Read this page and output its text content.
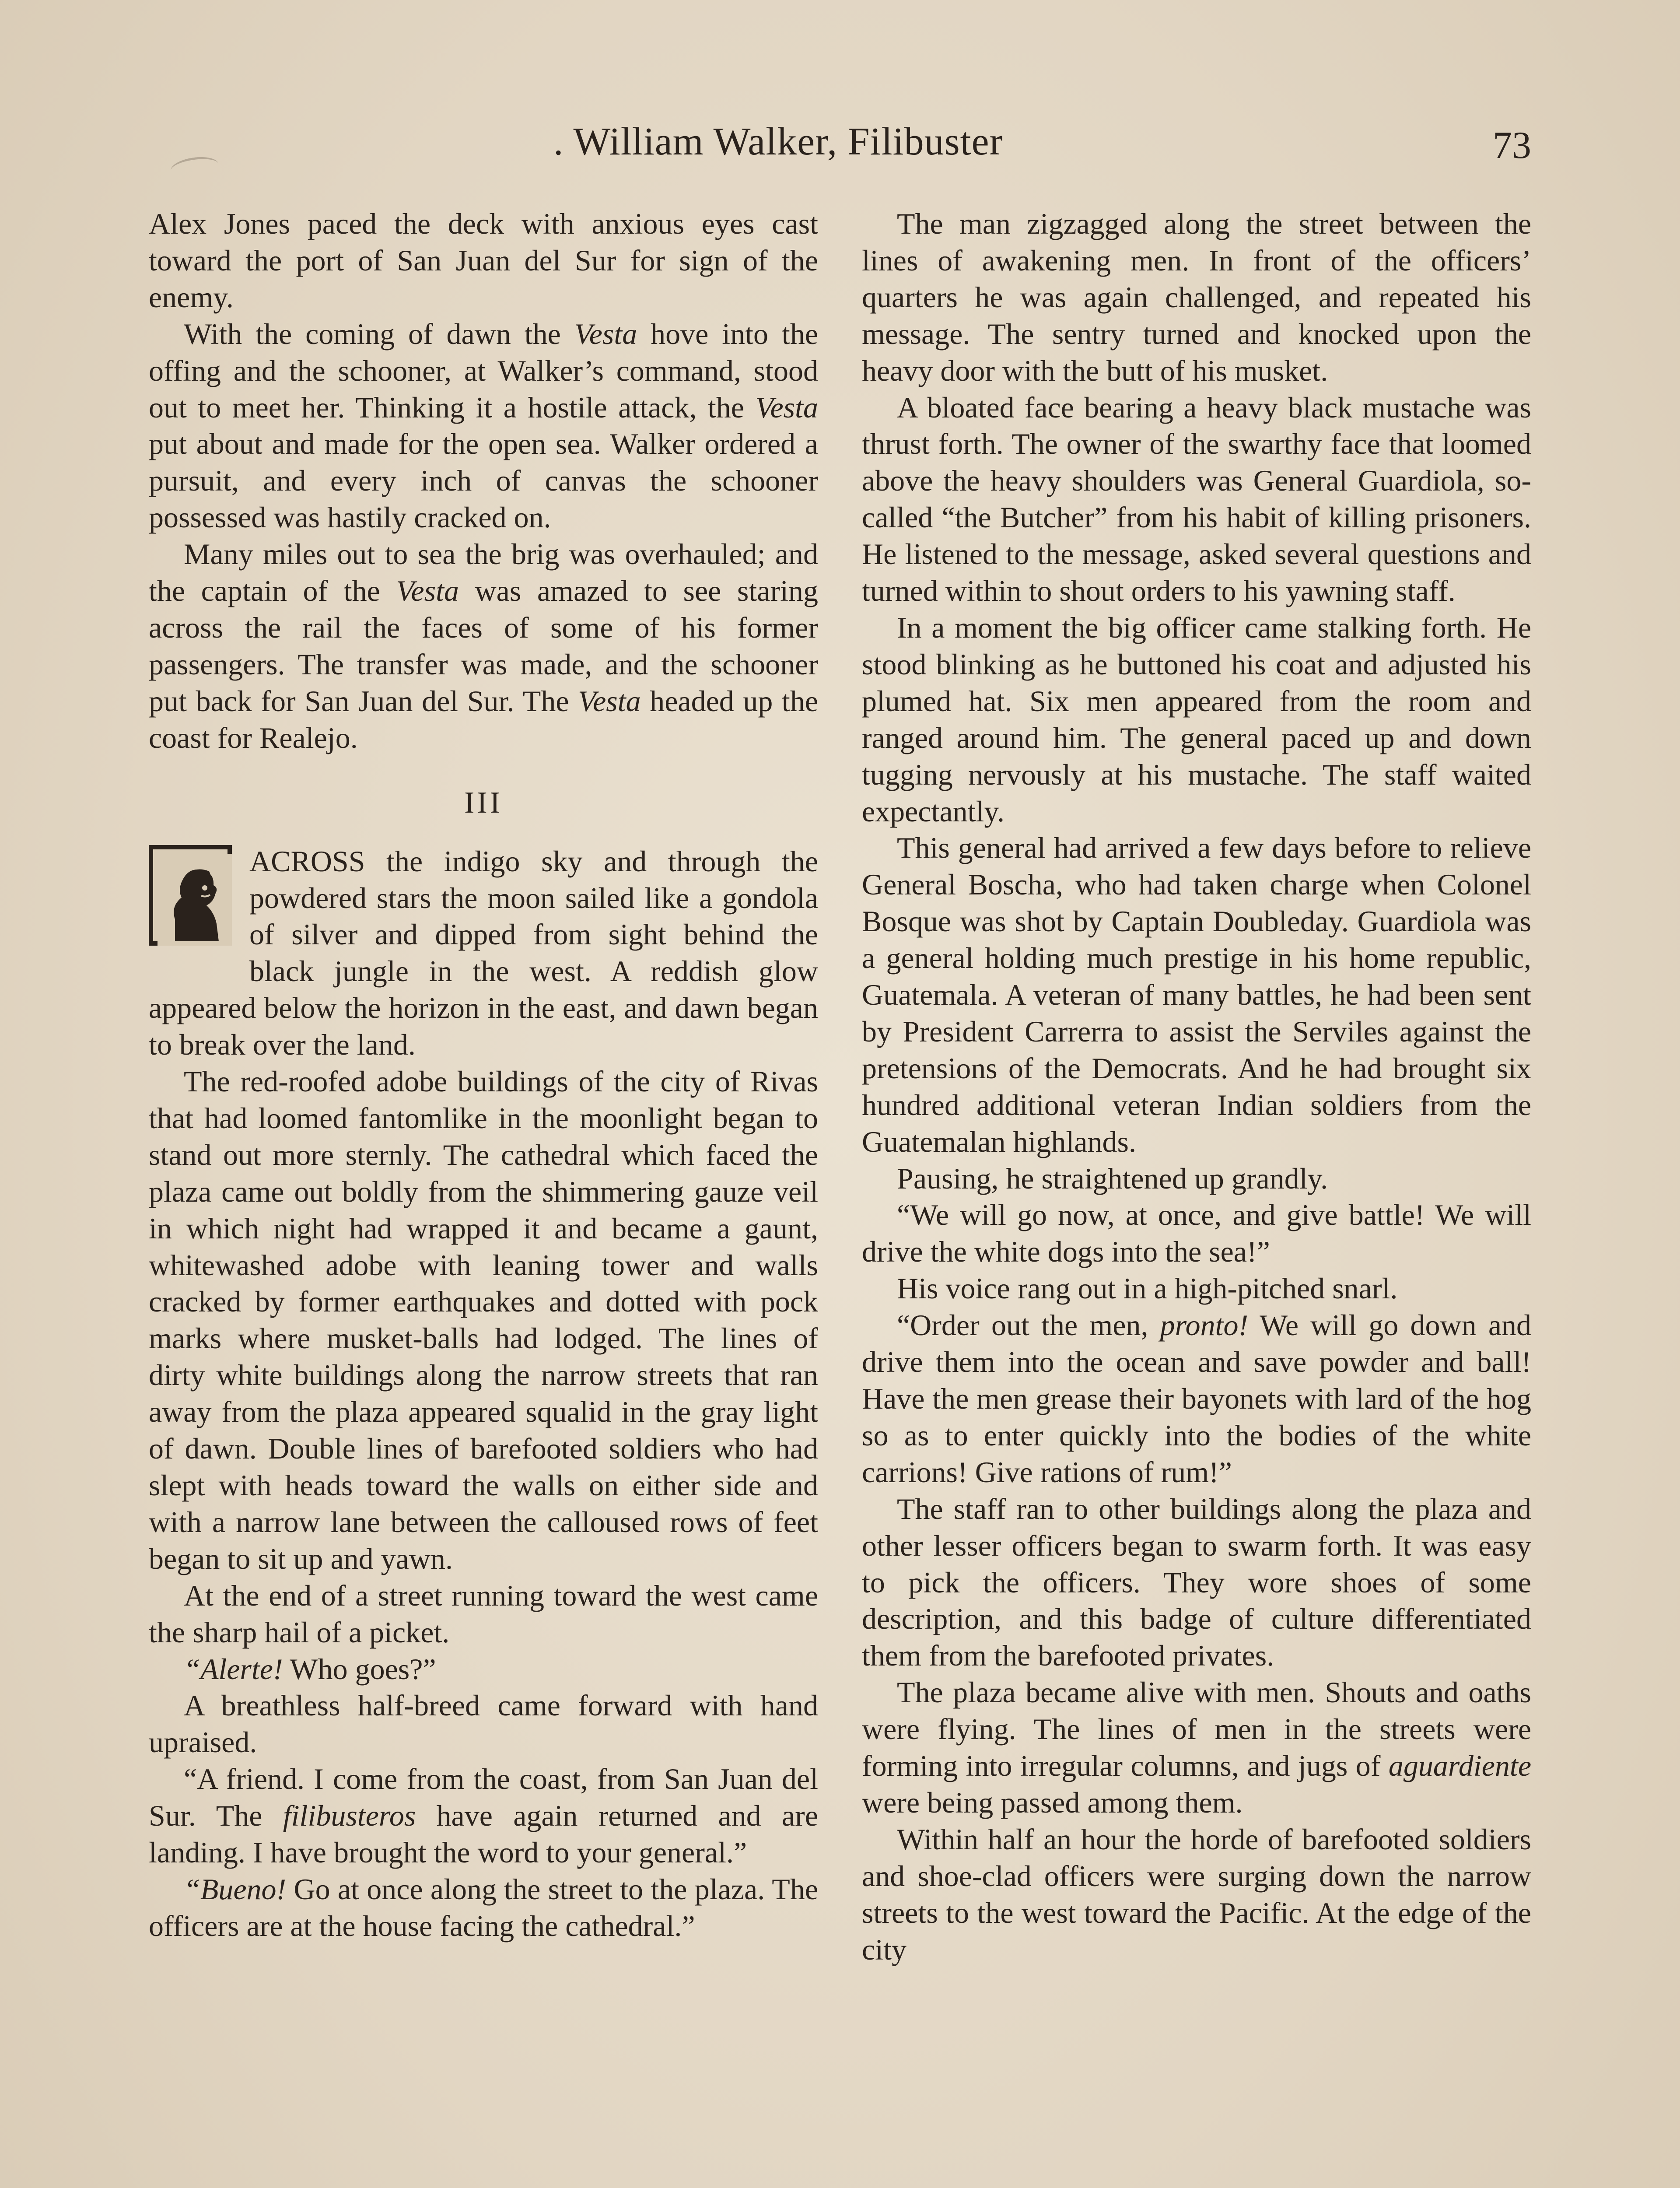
. William Walker, Filibuster	73

Alex Jones paced the deck with anxious eyes cast toward the port of San Juan del Sur for sign of the enemy.

With the coming of dawn the Vesta hove into the offing and the schooner, at Walker’s command, stood out to meet her. Thinking it a hostile attack, the Vesta put about and made for the open sea. Walker ordered a pursuit, and every inch of canvas the schooner possessed was hastily cracked on.

Many miles out to sea the brig was overhauled; and the captain of the Vesta was amazed to see staring across the rail the faces of some of his former passengers. The transfer was made, and the schooner put back for San Juan del Sur. The Vesta headed up the coast for Realejo.

III

ACROSS the indigo sky and through the powdered stars the moon sailed like a gondola of silver and dipped from sight behind the black jungle in the west. A reddish glow appeared below the horizon in the east, and dawn began to break over the land.

The red-roofed adobe buildings of the city of Rivas that had loomed fantomlike in the moonlight began to stand out more sternly. The cathedral which faced the plaza came out boldly from the shimmering gauze veil in which night had wrapped it and became a gaunt, whitewashed adobe with leaning tower and walls cracked by former earthquakes and dotted with pock marks where musket-balls had lodged. The lines of dirty white buildings along the narrow streets that ran away from the plaza appeared squalid in the gray light of dawn. Double lines of barefooted soldiers who had slept with heads toward the walls on either side and with a narrow lane between the calloused rows of feet began to sit up and yawn.

At the end of a street running toward the west came the sharp hail of a picket.

“Alerte! Who goes?”

A breathless half-breed came forward with hand upraised.

“A friend. I come from the coast, from San Juan del Sur. The filibusteros have again returned and are landing. I have brought the word to your general.”

“Bueno! Go at once along the street to the plaza. The officers are at the house facing the cathedral.”

The man zigzagged along the street between the lines of awakening men. In front of the officers’ quarters he was again challenged, and repeated his message. The sentry turned and knocked upon the heavy door with the butt of his musket.

A bloated face bearing a heavy black mustache was thrust forth. The owner of the swarthy face that loomed above the heavy shoulders was General Guardiola, so-called “the Butcher” from his habit of killing prisoners. He listened to the message, asked several questions and turned within to shout orders to his yawning staff.

In a moment the big officer came stalking forth. He stood blinking as he buttoned his coat and adjusted his plumed hat. Six men appeared from the room and ranged around him. The general paced up and down tugging nervously at his mustache. The staff waited expectantly.

This general had arrived a few days before to relieve General Boscha, who had taken charge when Colonel Bosque was shot by Captain Doubleday. Guardiola was a general holding much prestige in his home republic, Guatemala. A veteran of many battles, he had been sent by President Carrerra to assist the Serviles against the pretensions of the Democrats. And he had brought six hundred additional veteran Indian soldiers from the Guatemalan highlands.

Pausing, he straightened up grandly.

“We will go now, at once, and give battle! We will drive the white dogs into the sea!”

His voice rang out in a high-pitched snarl.

“Order out the men, pronto! We will go down and drive them into the ocean and save powder and ball! Have the men grease their bayonets with lard of the hog so as to enter quickly into the bodies of the white carrions! Give rations of rum!”

The staff ran to other buildings along the plaza and other lesser officers began to swarm forth. It was easy to pick the officers. They wore shoes of some description, and this badge of culture differentiated them from the barefooted privates.

The plaza became alive with men. Shouts and oaths were flying. The lines of men in the streets were forming into irregular columns, and jugs of aguardiente were being passed among them.

Within half an hour the horde of barefooted soldiers and shoe-clad officers were surging down the narrow streets to the west toward the Pacific. At the edge of the city
